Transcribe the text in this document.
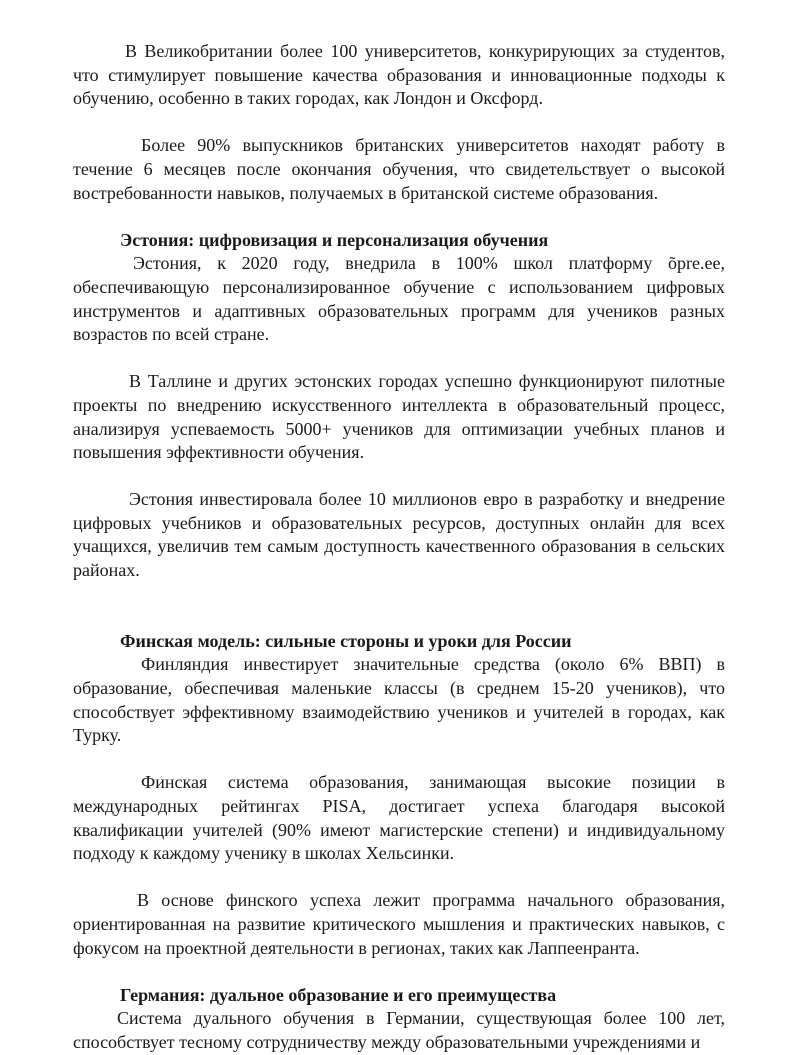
В Великобритании более 100 университетов, конкурирующих за студентов, что стимулирует повышение качества образования и инновационные подходы к обучению, особенно в таких городах, как Лондон и Оксфорд.

Более 90% выпускников британских университетов находят работу в течение 6 месяцев после окончания обучения, что свидетельствует о высокой востребованности навыков, получаемых в британской системе образования.

Эстония: цифровизация и персонализация обучения

Эстония, к 2020 году, внедрила в 100% школ платформу õpre.ee, обеспечивающую персонализированное обучение с использованием цифровых инструментов и адаптивных образовательных программ для учеников разных возрастов по всей стране.

В Таллине и других эстонских городах успешно функционируют пилотные проекты по внедрению искусственного интеллекта в образовательный процесс, анализируя успеваемость 5000+ учеников для оптимизации учебных планов и повышения эффективности обучения.

Эстония инвестировала более 10 миллионов евро в разработку и внедрение цифровых учебников и образовательных ресурсов, доступных онлайн для всех учащихся, увеличив тем самым доступность качественного образования в сельских районах.

Финская модель: сильные стороны и уроки для России

Финляндия инвестирует значительные средства (около 6% ВВП) в образование, обеспечивая маленькие классы (в среднем 15-20 учеников), что способствует эффективному взаимодействию учеников и учителей в городах, как Турку.

Финская система образования, занимающая высокие позиции в международных рейтингах PISA, достигает успеха благодаря высокой квалификации учителей (90% имеют магистерские степени) и индивидуальному подходу к каждому ученику в школах Хельсинки.

В основе финского успеха лежит программа начального образования, ориентированная на развитие критического мышления и практических навыков, с фокусом на проектной деятельности в регионах, таких как Лаппеенранта.

Германия: дуальное образование и его преимущества

Система дуального обучения в Германии, существующая более 100 лет, способствует тесному сотрудничеству между образовательными учреждениями и
